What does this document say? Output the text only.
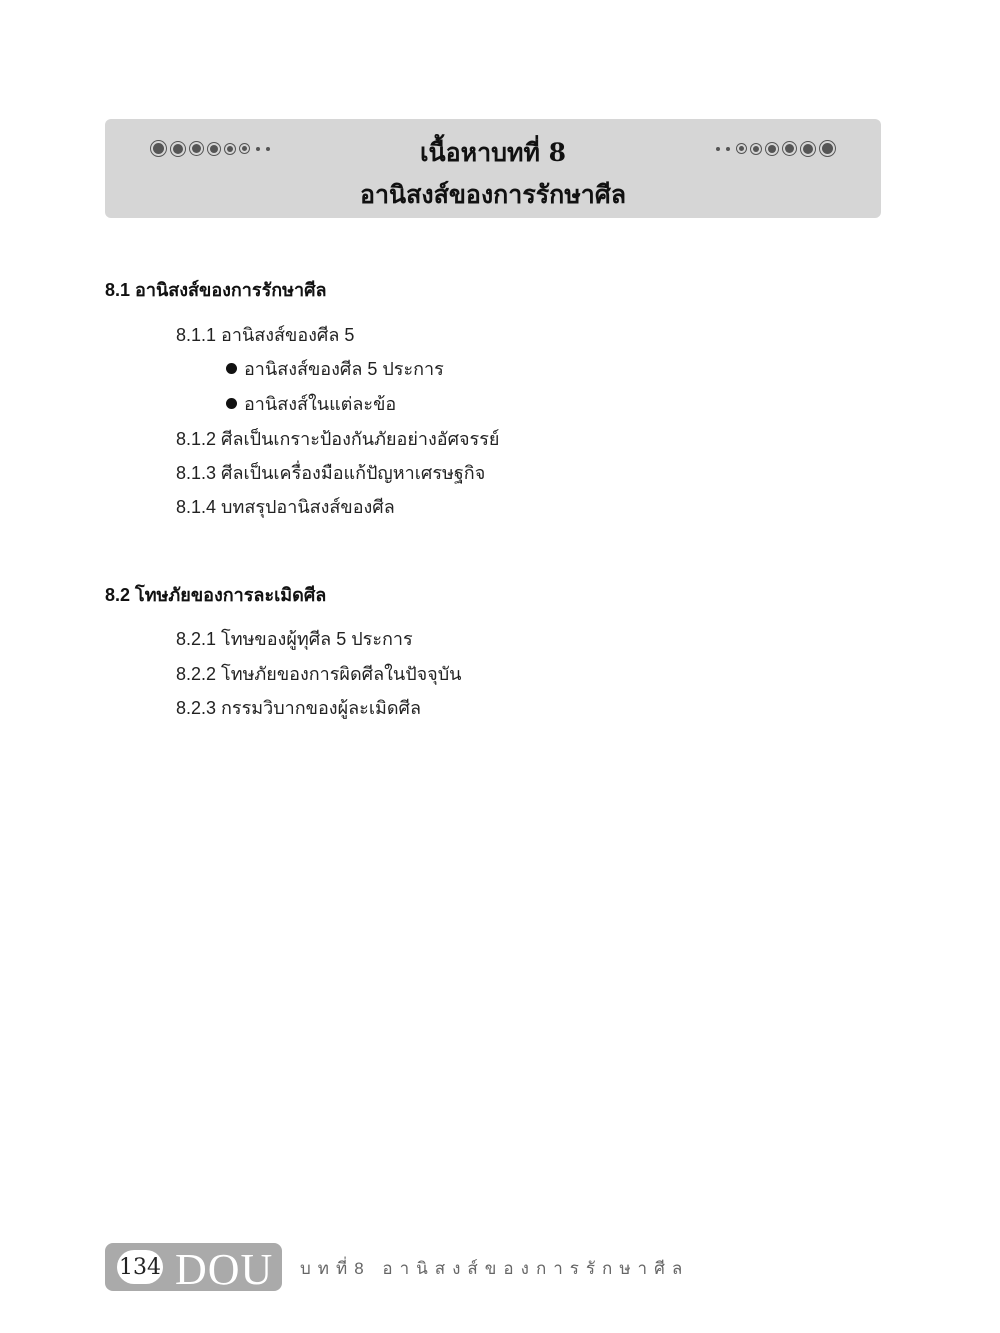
เนื้อหาบทที่ 8
อานิสงส์ของการรักษาศีล
8.1 อานิสงส์ของการรักษาศีล
8.1.1 อานิสงส์ของศีล 5
อานิสงส์ของศีล 5 ประการ
อานิสงส์ในแต่ละข้อ
8.1.2 ศีลเป็นเกราะป้องกันภัยอย่างอัศจรรย์
8.1.3 ศีลเป็นเครื่องมือแก้ปัญหาเศรษฐกิจ
8.1.4 บทสรุปอานิสงส์ของศีล
8.2 โทษภัยของการละเมิดศีล
8.2.1 โทษของผู้ทุศีล 5 ประการ
8.2.2 โทษภัยของการผิดศีลในปัจจุบัน
8.2.3 กรรมวิบากของผู้ละเมิดศีล
134 DOU บทที่8 อานิสงส์ของการรักษาศีล
